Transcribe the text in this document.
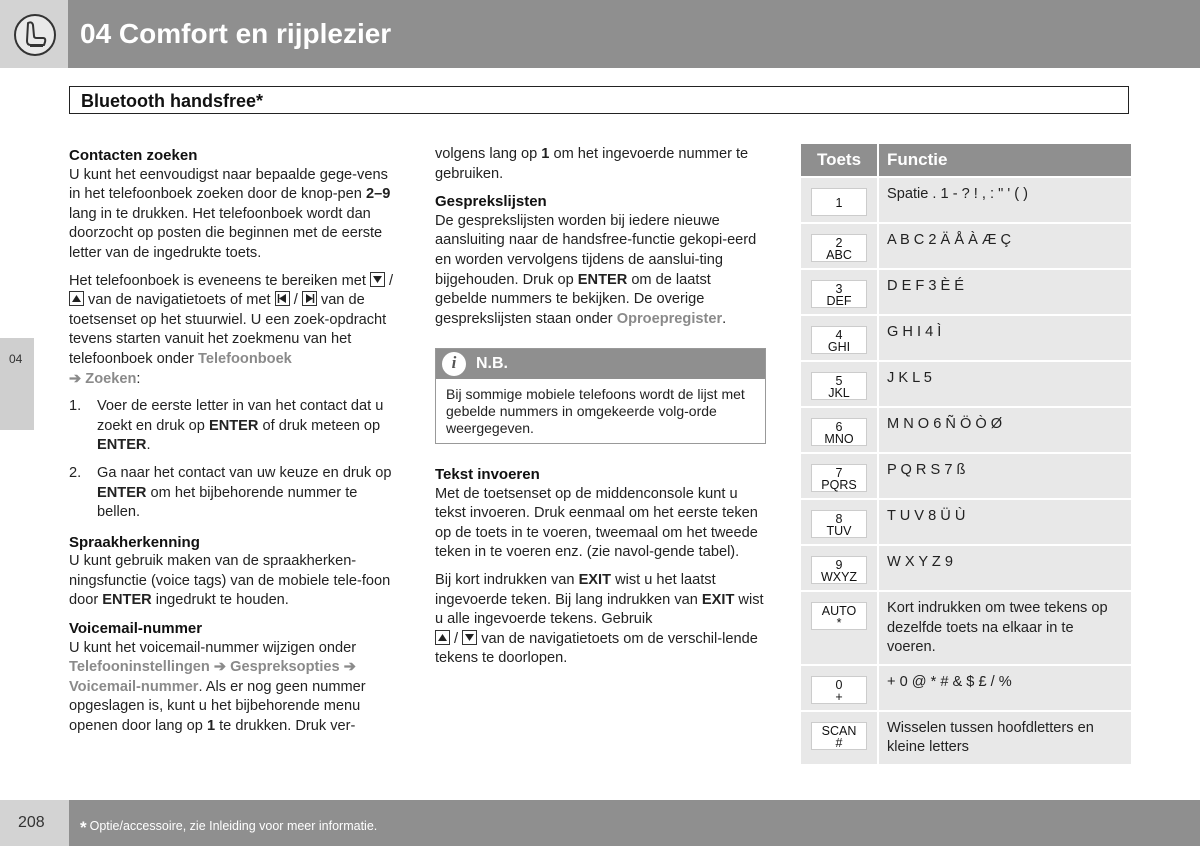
04 Comfort en rijplezier
Bluetooth handsfree*
04
Contacten zoeken

U kunt het eenvoudigst naar bepaalde gege-vens in het telefoonboek zoeken door de knop-pen 2–9 lang in te drukken. Het telefoonboek wordt dan doorzocht op posten die beginnen met de eerste letter van de ingedrukte toets.

Het telefoonboek is eveneens te bereiken met
/
van de navigatietoets of met
/
van de toetsenset op het stuurwiel. U een zoek-opdracht tevens starten vanuit het zoekmenu van het telefoonboek onder Telefoonboek
➔ Zoeken:

1. Voer de eerste letter in van het contact dat u zoekt en druk op ENTER of druk meteen op ENTER.
2. Ga naar het contact van uw keuze en druk op ENTER om het bijbehorende nummer te bellen.
Spraakherkenning

U kunt gebruik maken van de spraakherken-ningsfunctie (voice tags) van de mobiele tele-foon door ENTER ingedrukt te houden.

Voicemail-nummer

U kunt het voicemail-nummer wijzigen onder
Telefooninstellingen ➔ Gespreksopties ➔ Voicemail-nummer. Als er nog geen nummer opgeslagen is, kunt u het bijbehorende menu openen door lang op 1 te drukken. Druk ver-

volgens lang op 1 om het ingevoerde nummer te gebruiken.

Gesprekslijsten

De gesprekslijsten worden bij iedere nieuwe aansluiting naar de handsfree-functie gekopi-eerd en worden vervolgens tijdens de aanslui-ting bijgehouden. Druk op ENTER om de laatst gebelde nummers te bekijken. De overige gesprekslijsten staan onder Oproepregister.

i	N.B.
Bij sommige mobiele telefoons wordt de lijst met gebelde nummers in omgekeerde volg-orde weergegeven.
Tekst invoeren

Met de toetsenset op de middenconsole kunt u tekst invoeren. Druk eenmaal om het eerste teken op de toets in te voeren, tweemaal om het tweede teken in te voeren enz. (zie navol-gende tabel).

Bij kort indrukken van EXIT wist u het laatst ingevoerde teken. Bij lang indrukken van EXIT wist u alle ingevoerde tekens. Gebruik

/
van de navigatietoets om de verschil-lende tekens te doorlopen.

Toets	Functie

1	Spatie . 1 - ? ! , : " ' ( )

2
ABC	A B C 2 Ä Å À Æ Ç

3
DEF	D E F 3 È É

4
GHI	G H I 4 Ì

5
JKL	J K L 5

6
MNO	M N O 6 Ñ Ö Ò Ø

7
PQRS	P Q R S 7 ß

8
TUV	T U V 8 Ü Ù

9
WXYZ	W X Y Z 9

AUTO
*	Kort indrukken om twee tekens op dezelfde toets na elkaar in te voeren.

0
+	+ 0 @ * # & $ £ / %

SCAN
#	Wisselen tussen hoofdletters en kleine letters
208 * Optie/accessoire, zie Inleiding voor meer informatie.
